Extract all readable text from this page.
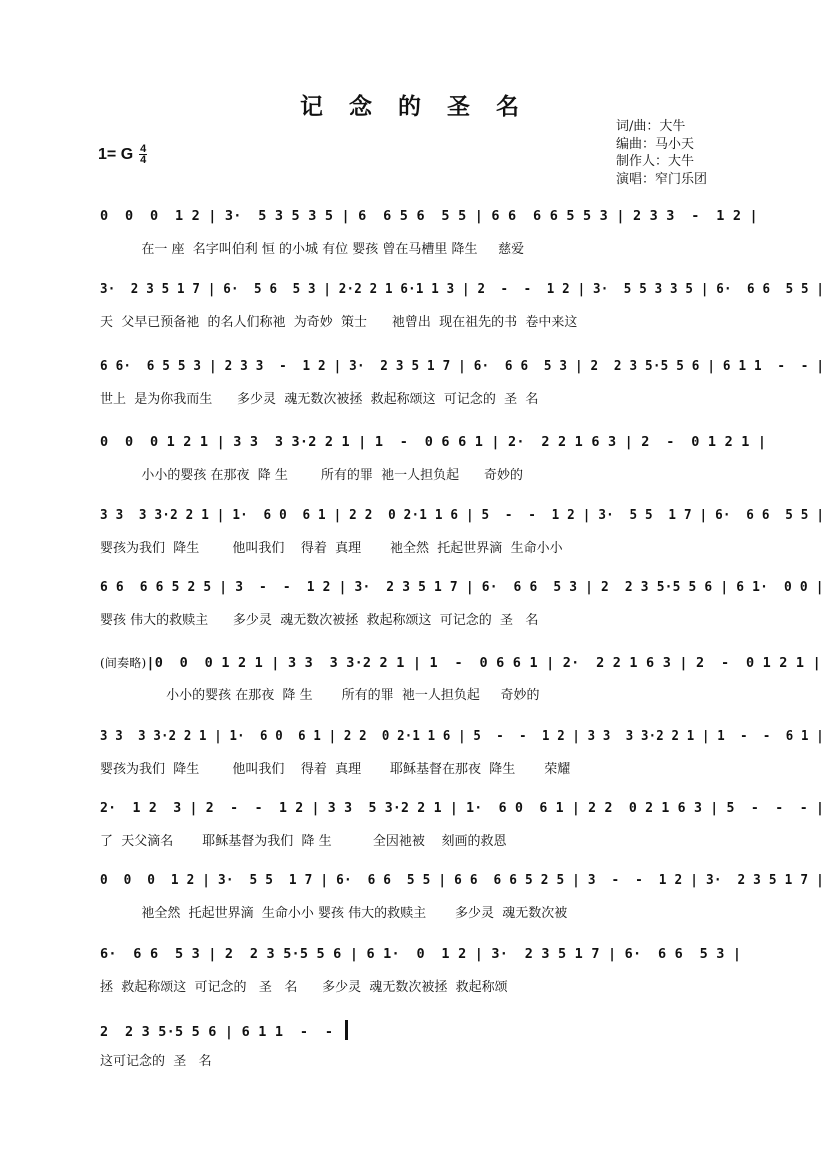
记 念 的 圣 名
1= G 4
4
词/曲：大牛
编曲：马小天
制作人：大牛
演唱：窄门乐团
0  0  0  1 2 | 3·  5 3 5 3 5 | 6  6 5 6  5 5 | 6 6  6 6 5 5 3 | 2 3 3  -  1 2 |
在一 座  名字叫伯利 恒 的小城 有位 婴孩 曾在马槽里 降生     慈爱
3·  2 3 5 1 7 | 6·  5 6  5 3 | 2·2 2 1 6·1 1 3 | 2  -  -  1 2 | 3·  5 5 3 3 5 | 6·  6 6  5 5 |
天  父早已预备祂  的名人们称祂  为奇妙  策士      祂曾出  现在祖先的书  卷中来这
6 6·  6 5 5 3 | 2 3 3  -  1 2 | 3·  2 3 5 1 7 | 6·  6 6  5 3 | 2  2 3 5·5 5 6 | 6 1 1  -  - |
世上  是为你我而生      多少灵  魂无数次被拯  救起称颂这  可记念的  圣  名
0  0  0 1 2 1 | 3 3  3 3·2 2 1 | 1  -  0 6 6 1 | 2·  2 2 1 6 3 | 2  -  0 1 2 1 |
小小的婴孩 在那夜  降 生        所有的罪  祂一人担负起      奇妙的
3 3  3 3·2 2 1 | 1·  6 0  6 1 | 2 2  0 2·1 1 6 | 5  -  -  1 2 | 3·  5 5  1 7 | 6·  6 6  5 5 |
婴孩为我们  降生        他叫我们    得着  真理       祂全然  托起世界滴  生命小小
6 6  6 6 5 2 5 | 3  -  -  1 2 | 3·  2 3 5 1 7 | 6·  6 6  5 3 | 2  2 3 5·5 5 6 | 6 1·  0 0 |
婴孩 伟大的救赎主      多少灵  魂无数次被拯  救起称颂这  可记念的  圣   名
(间奏略)|0  0  0 1 2 1 | 3 3  3 3·2 2 1 | 1  -  0 6 6 1 | 2·  2 2 1 6 3 | 2  -  0 1 2 1 |
小小的婴孩 在那夜  降 生       所有的罪  祂一人担负起     奇妙的
3 3  3 3·2 2 1 | 1·  6 0  6 1 | 2 2  0 2·1 1 6 | 5  -  -  1 2 | 3 3  3 3·2 2 1 | 1  -  -  6 1 |
婴孩为我们  降生        他叫我们    得着  真理       耶稣基督在那夜  降生       荣耀
2·  1 2  3 | 2  -  -  1 2 | 3 3  5 3·2 2 1 | 1·  6 0  6 1 | 2 2  0 2 1 6 3 | 5  -  -  - |
了  天父滴名       耶稣基督为我们  降 生          全因祂被    刻画的救恩
0  0  0  1 2 | 3·  5 5  1 7 | 6·  6 6  5 5 | 6 6  6 6 5 2 5 | 3  -  -  1 2 | 3·  2 3 5 1 7 |
祂全然  托起世界滴  生命小小 婴孩 伟大的救赎主       多少灵  魂无数次被
6·  6 6  5 3 | 2  2 3 5·5 5 6 | 6 1·  0  1 2 | 3·  2 3 5 1 7 | 6·  6 6  5 3 |
拯  救起称颂这  可记念的   圣   名      多少灵  魂无数次被拯  救起称颂
2  2 3 5·5 5 6 | 6 1 1  -  -
这可记念的  圣   名
